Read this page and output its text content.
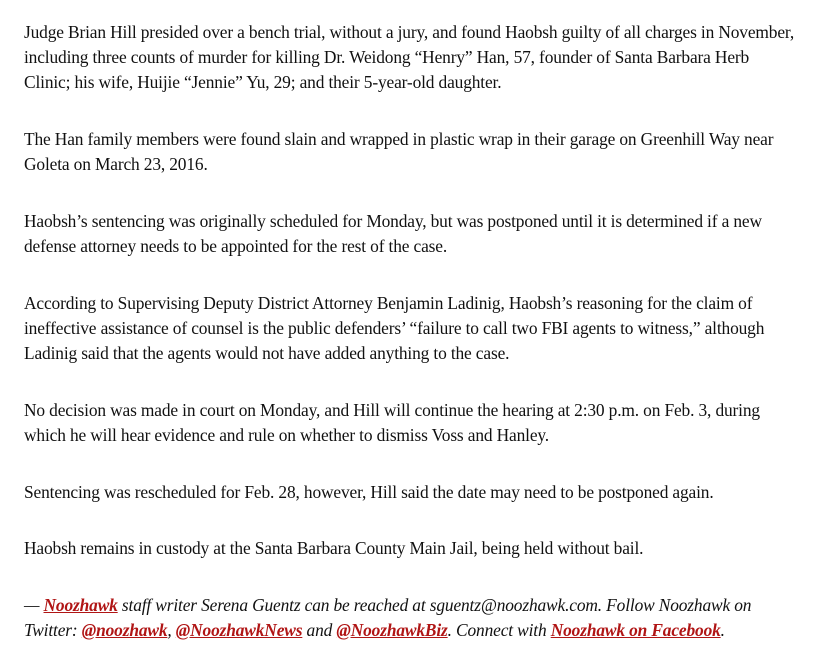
Judge Brian Hill presided over a bench trial, without a jury, and found Haobsh guilty of all charges in November, including three counts of murder for killing Dr. Weidong “Henry” Han, 57, founder of Santa Barbara Herb Clinic; his wife, Huijie “Jennie” Yu, 29; and their 5-year-old daughter.

The Han family members were found slain and wrapped in plastic wrap in their garage on Greenhill Way near Goleta on March 23, 2016.

Haobsh’s sentencing was originally scheduled for Monday, but was postponed until it is determined if a new defense attorney needs to be appointed for the rest of the case.

According to Supervising Deputy District Attorney Benjamin Ladinig, Haobsh’s reasoning for the claim of ineffective assistance of counsel is the public defenders’ “failure to call two FBI agents to witness,” although Ladinig said that the agents would not have added anything to the case.

No decision was made in court on Monday, and Hill will continue the hearing at 2:30 p.m. on Feb. 3, during which he will hear evidence and rule on whether to dismiss Voss and Hanley.

Sentencing was rescheduled for Feb. 28, however, Hill said the date may need to be postponed again.

Haobsh remains in custody at the Santa Barbara County Main Jail, being held without bail.

— Noozhawk staff writer Serena Guentz can be reached at sguentz@noozhawk.com. Follow Noozhawk on Twitter: @noozhawk, @NoozhawkNews and @NoozhawkBiz. Connect with Noozhawk on Facebook.
